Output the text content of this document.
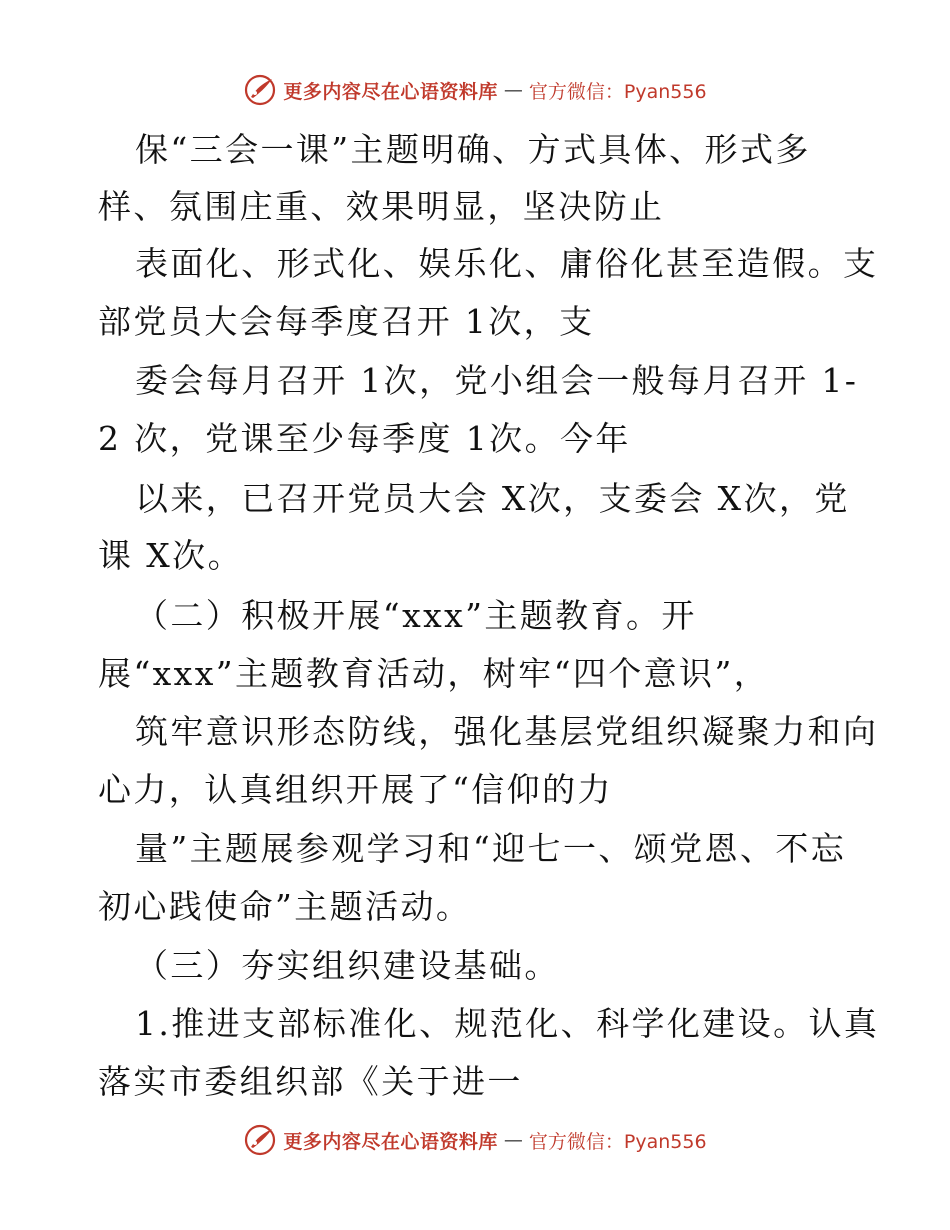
更多内容尽在心语资料库 — 官方微信：Pyan556
保“三会一课”主题明确、方式具体、形式多
样、氛围庄重、效果明显，坚决防止
表面化、形式化、娱乐化、庸俗化甚至造假。支
部党员大会每季度召开 1次，支
委会每月召开 1次，党小组会一般每月召开 1-
2 次，党课至少每季度 1次。今年
以来，已召开党员大会 X次，支委会 X次，党
课 X次。
（二）积极开展“xxx”主题教育。开
展“xxx”主题教育活动，树牢“四个意识”，
筑牢意识形态防线，强化基层党组织凝聚力和向
心力，认真组织开展了“信仰的力
量”主题展参观学习和“迎七一、颂党恩、不忘
初心践使命”主题活动。
（三）夯实组织建设基础。
1.推进支部标准化、规范化、科学化建设。认真
落实市委组织部《关于进一
更多内容尽在心语资料库 — 官方微信：Pyan556
